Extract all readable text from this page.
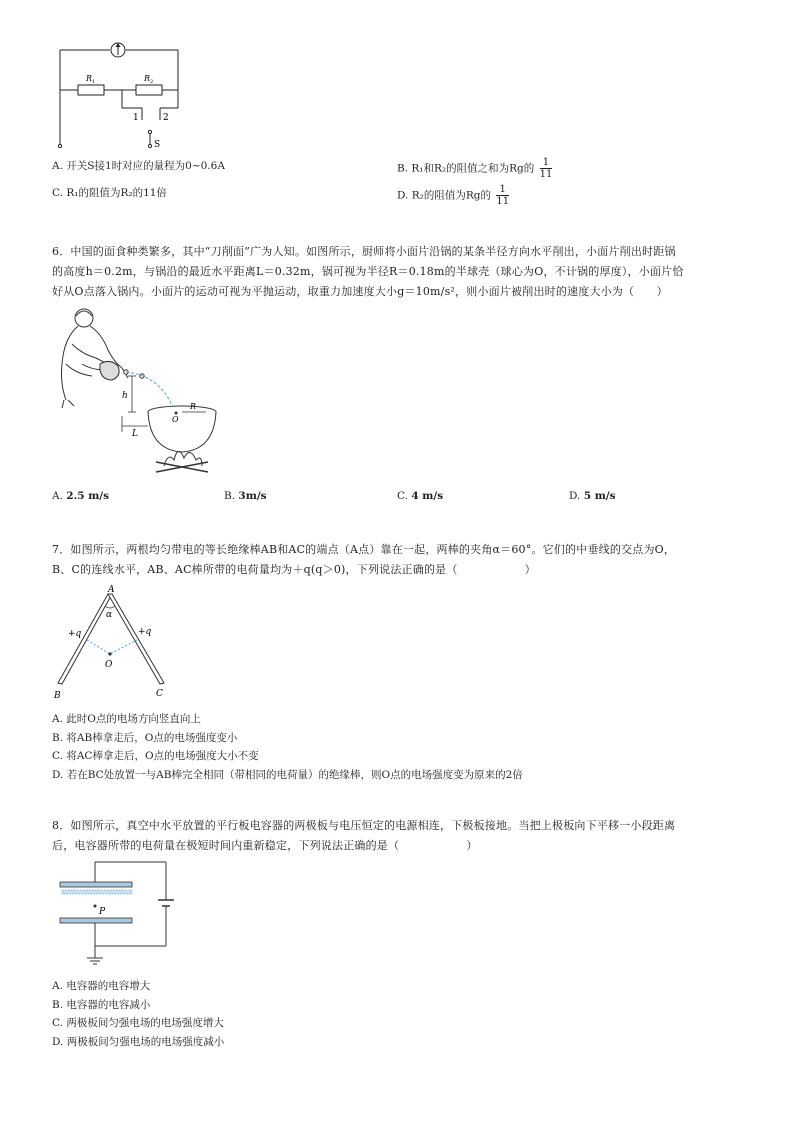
R 1	R 2
1	2
S
A. 开关S接1时对应的量程为0~0.6A	B. R₁和R₂的阻值之和为Rg的 $\frac{1}{11}$
C. R₁的阻值为R₂的11倍	D. R₂的阻值为Rg的 $\frac{1}{11}$
6．中国的面食种类繁多，其中“刀削面”广为人知。如图所示，厨师将小面片沿锅的某条半径方向水平削出，小面片削出时距锅
的高度h＝0.2m，与锅沿的最近水平距离L＝0.32m，锅可视为半径R＝0.18m的半球壳（球心为O，不计锅的厚度），小面片恰
好从O点落入锅内。小面片的运动可视为平抛运动，取重力加速度大小g＝10m/s²，则小面片被削出时的速度大小为（　　）
h
L
O
R
A. 2.5 m/s	B. 3m/s	C. 4 m/s	D. 5 m/s
7．如图所示，两根均匀带电的等长绝缘棒AB和AC的端点（A点）靠在一起，两棒的夹角α＝60°。它们的中垂线的交点为O，
B、C的连线水平，AB、AC棒所带的电荷量均为＋q(q＞0)，下列说法正确的是（　　　　　　）
A
α
+q	+q
O
B	C
A. 此时O点的电场方向竖直向上
B. 将AB棒拿走后，O点的电场强度变小
C. 将AC棒拿走后，O点的电场强度大小不变
D. 若在BC处放置一与AB棒完全相同（带相同的电荷量）的绝缘棒，则O点的电场强度变为原来的2倍
8．如图所示，真空中水平放置的平行板电容器的两极板与电压恒定的电源相连，下极板接地。当把上极板向下平移一小段距离
后，电容器所带的电荷量在极短时间内重新稳定，下列说法正确的是（　　　　　　）
P
A. 电容器的电容增大
B. 电容器的电容减小
C. 两极板间匀强电场的电场强度增大
D. 两极板间匀强电场的电场强度减小
